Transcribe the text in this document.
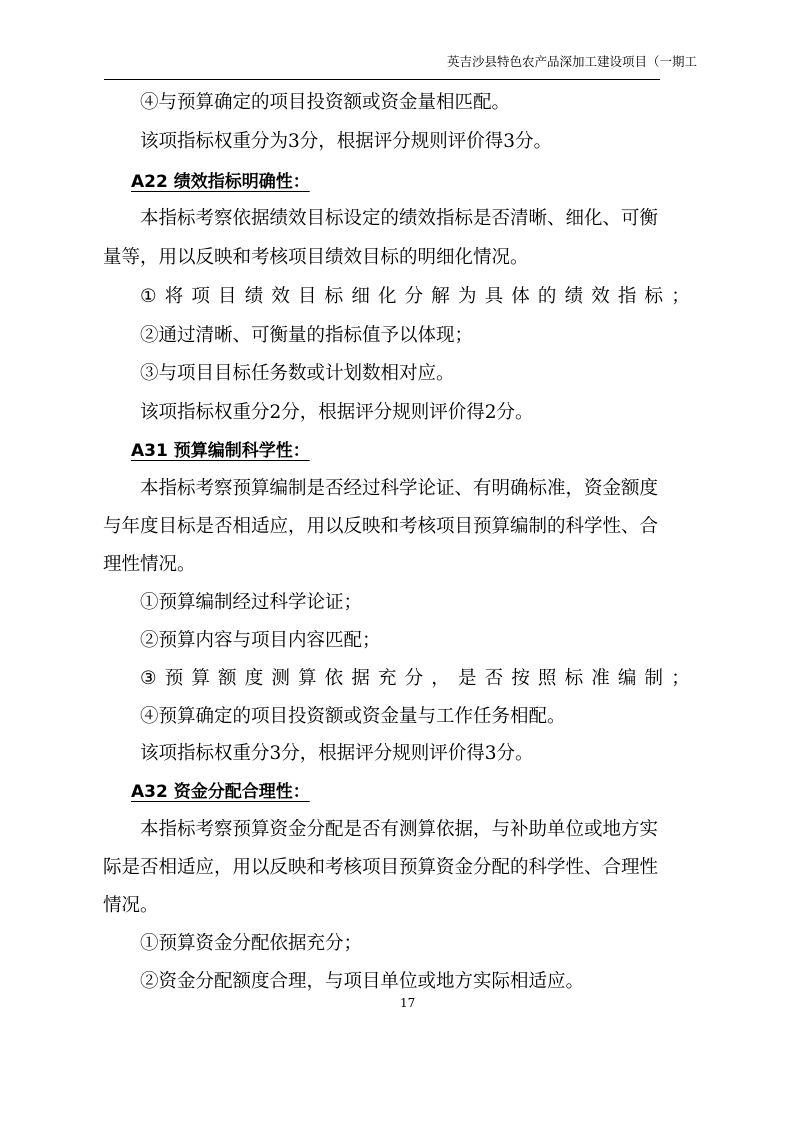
英吉沙县特色农产品深加工建设项目（一期工
④与预算确定的项目投资额或资金量相匹配。
该项指标权重分为3分，根据评分规则评价得3分。
A22 绩效指标明确性：
本指标考察依据绩效目标设定的绩效指标是否清晰、细化、可衡
量等，用以反映和考核项目绩效目标的明细化情况。
① 将 项 目 绩 效 目 标 细 化 分 解 为 具 体 的 绩 效 指 标 ；
②通过清晰、可衡量的指标值予以体现；
③与项目目标任务数或计划数相对应。
该项指标权重分2分，根据评分规则评价得2分。
A31 预算编制科学性：
本指标考察预算编制是否经过科学论证、有明确标准，资金额度
与年度目标是否相适应，用以反映和考核项目预算编制的科学性、合
理性情况。
①预算编制经过科学论证；
②预算内容与项目内容匹配；
③ 预 算 额 度 测 算 依 据 充 分 ， 是 否 按 照 标 准 编 制 ；
④预算确定的项目投资额或资金量与工作任务相配。
该项指标权重分3分，根据评分规则评价得3分。
A32 资金分配合理性：
本指标考察预算资金分配是否有测算依据，与补助单位或地方实
际是否相适应，用以反映和考核项目预算资金分配的科学性、合理性
情况。
①预算资金分配依据充分；
②资金分配额度合理，与项目单位或地方实际相适应。
17
